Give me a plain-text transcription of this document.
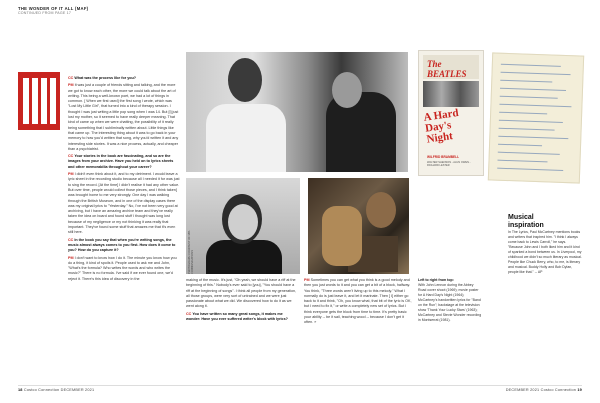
THE WONDER OF IT ALL (MAF)
CONTINUED FROM PAGE 17

CC What was the process like for you?

PM It was just a couple of friends sitting and talking, and the more we got to know each other, the more we could talk about the art of writing. This being a well-known poet, we had a lot of things in common. [ When we first used] the first song I wrote, which was "Lost My Little Girl", that turned into a kind of therapy session. I thought I was just writing a little pop song when I was 14. But [I] just lost my mother, so it seemed to have really deeper meaning. That kind of came up when we were chatting, the possibility of it really being something that I subliminally written about. Little things like that came up. The interesting thing about it was to go back in your memory to how you'd written that song, why you'd written it and any interesting side stories. It was a nice process, actually, and cheaper than a psychiatrist.

CC Your stories in the book are fascinating, and so are the images from your archive. Have you held on to lyrics sheets and other memorabilia throughout your career?

PM I didn't even think about it, and to my detriment. I would leave a lyric sheet in the recording studio because all I needed it for was just to sing the record. [At the time] I didn't realise it had any other value. But over time, people would collect those pieces, and I think taken] was brought home to me very strongly. One day I was walking through the British Museum, and in one of the display cases there was my original lyrics to "Yesterday." No, I've not been very good at archiving, but I have an amazing archive team and they've really taken the idea on board and found stuff I thought was long lost because of my negligence or my not thinking it was really that important. They've found some stuff that amazes me that it's even still here.

CC In the book you say that when you're writing songs, the music almost always comes to you first. How does it come to you? How do you capture it?

PM I don't want to know how I do it. The minute you know how you do a thing, it kind of spoils it. People used to ask me and John, "What's the formula? Who writes the words and who writes the music?" There is no formula. I've said if we ever found one, we'd reject it. There's this idea of discovery in the

PHOTOGRAPH COURTESY OF MPL COMMUNICATIONS

making of the music. It's just, "Oh yeah, we should have a riff at the beginning of this." Nobody's ever said to [you], "You should have a riff at the beginning of songs". I think all people from my generation, all those groups, were very sort of untrained and we were just passionate about what we did. We discovered how to do it as we went along it.

CC You have written so many great songs, it makes me wonder: Have you ever suffered writer's block with lyrics?

PM Sometimes you can get what you think is a good melody and then you just words to it and you can get a bit of a block, halfway. You think, "Three words aren't living up to this melody." What I normally do is just leave it, and let it marinate. Then [ I] either go back to it and think, "Oh, you know what, that bit of the lyric is OK, but I need to fix it," or write a completely new set of lyrics. But I think everyone gets the block from time to time. It's pretty basic your ability -- be it sail, teaching wood -- because I don't get it often. »

The BEATLES
A Hard
Day's
Night
WILFRID BRAMBELL
WALTER SHENSON - ALUN OWEN - RICHARD LESTER
Left to right from top:
With John Lennon during the Abbey Road cover shoot (1969); movie poster for A Hard Day's Night (1964); McCartney's handwritten lyrics for "Band on the Run"; backstage at the television show 'Thank Your Lucky Stars' (1963); McCartney and Stevie Wonder recording in Montserrat (1981).
Musical
inspiration
In The Lyrics, Paul McCartney mentions books and writers that inspired him. "I think I always come back to Lewis Carroll," he says. "Because John and I both liked him and it kind of sparked a bond between us. In Liverpool, my childhood we didn't so much literary as musical. People like Chuck Berry, who, to me, is literary and musical. Buddy Holly and Bob Dylan, people like that." -- AP
18 Costco Connection DECEMBER 2021	DECEMBER 2021 Costco Connection 19
